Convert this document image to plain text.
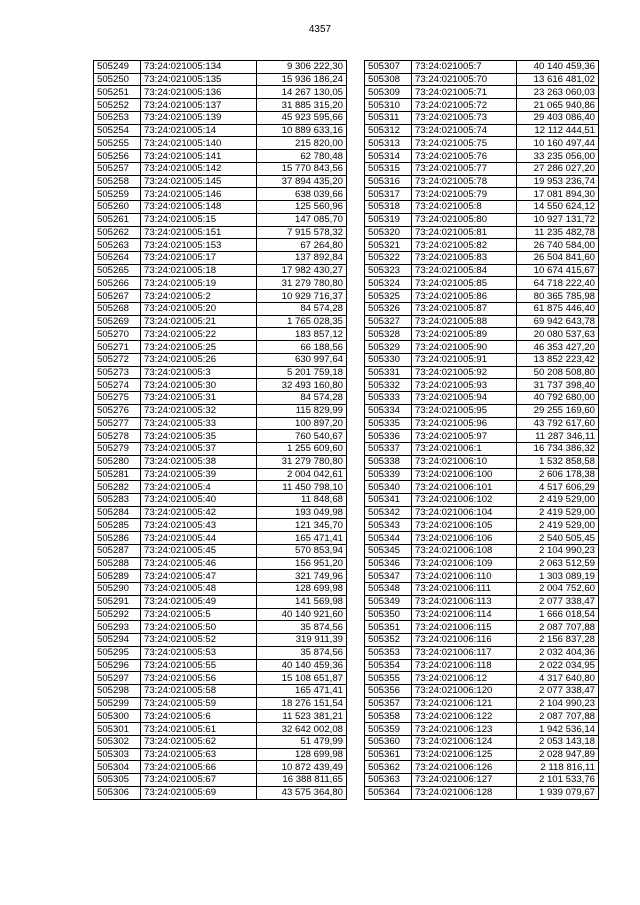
4357
505249	73:24:021005:134	9 306 222,30
505250	73:24:021005:135	15 936 186,24
505251	73:24:021005:136	14 267 130,05
505252	73:24:021005:137	31 885 315,20
505253	73:24:021005:139	45 923 595,66
505254	73:24:021005:14	10 889 633,16
505255	73:24:021005:140	215 820,00
505256	73:24:021005:141	62 780,48
505257	73:24:021005:142	15 770 843,56
505258	73:24:021005:145	37 894 435,20
505259	73:24:021005:146	638 039,66
505260	73:24:021005:148	125 560,96
505261	73:24:021005:15	147 085,70
505262	73:24:021005:151	7 915 578,32
505263	73:24:021005:153	67 264,80
505264	73:24:021005:17	137 892,84
505265	73:24:021005:18	17 982 430,27
505266	73:24:021005:19	31 279 780,80
505267	73:24:021005:2	10 929 716,37
505268	73:24:021005:20	84 574,28
505269	73:24:021005:21	1 765 028,35
505270	73:24:021005:22	183 857,12
505271	73:24:021005:25	66 188,56
505272	73:24:021005:26	630 997,64
505273	73:24:021005:3	5 201 759,18
505274	73:24:021005:30	32 493 160,80
505275	73:24:021005:31	84 574,28
505276	73:24:021005:32	115 829,99
505277	73:24:021005:33	100 897,20
505278	73:24:021005:35	760 540,67
505279	73:24:021005:37	1 255 609,60
505280	73:24:021005:38	31 279 780,80
505281	73:24:021005:39	2 004 042,61
505282	73:24:021005:4	11 450 798,10
505283	73:24:021005:40	11 848,68
505284	73:24:021005:42	193 049,98
505285	73:24:021005:43	121 345,70
505286	73:24:021005:44	165 471,41
505287	73:24:021005:45	570 853,94
505288	73:24:021005:46	156 951,20
505289	73:24:021005:47	321 749,96
505290	73:24:021005:48	128 699,98
505291	73:24:021005:49	141 569,98
505292	73:24:021005:5	40 140 921,60
505293	73:24:021005:50	35 874,56
505294	73:24:021005:52	319 911,39
505295	73:24:021005:53	35 874,56
505296	73:24:021005:55	40 140 459,36
505297	73:24:021005:56	15 108 651,87
505298	73:24:021005:58	165 471,41
505299	73:24:021005:59	18 276 151,54
505300	73:24:021005:6	11 523 381,21
505301	73:24:021005:61	32 642 002,08
505302	73:24:021005:62	51 479,99
505303	73:24:021005:63	128 699,98
505304	73:24:021005:66	10 872 439,49
505305	73:24:021005:67	16 388 811,65
505306	73:24:021005:69	43 575 364,80
505307	73:24:021005:7	40 140 459,36
505308	73:24:021005:70	13 616 481,02
505309	73:24:021005:71	23 263 060,03
505310	73:24:021005:72	21 065 940,86
505311	73:24:021005:73	29 403 086,40
505312	73:24:021005:74	12 112 444,51
505313	73:24:021005:75	10 160 497,44
505314	73:24:021005:76	33 235 056,00
505315	73:24:021005:77	27 286 027,20
505316	73:24:021005:78	19 953 236,74
505317	73:24:021005:79	17 081 894,30
505318	73:24:021005:8	14 550 624,12
505319	73:24:021005:80	10 927 131,72
505320	73:24:021005:81	11 235 482,78
505321	73:24:021005:82	26 740 584,00
505322	73:24:021005:83	26 504 841,60
505323	73:24:021005:84	10 674 415,67
505324	73:24:021005:85	64 718 222,40
505325	73:24:021005:86	80 365 785,98
505326	73:24:021005:87	61 875 446,40
505327	73:24:021005:88	69 942 643,78
505328	73:24:021005:89	20 080 537,63
505329	73:24:021005:90	46 353 427,20
505330	73:24:021005:91	13 852 223,42
505331	73:24:021005:92	50 208 508,80
505332	73:24:021005:93	31 737 398,40
505333	73:24:021005:94	40 792 680,00
505334	73:24:021005:95	29 255 169,60
505335	73:24:021005:96	43 792 617,60
505336	73:24:021005:97	11 287 346,11
505337	73:24:021006:1	16 734 386,32
505338	73:24:021006:10	1 532 858,58
505339	73:24:021006:100	2 606 178,38
505340	73:24:021006:101	4 517 606,29
505341	73:24:021006:102	2 419 529,00
505342	73:24:021006:104	2 419 529,00
505343	73:24:021006:105	2 419 529,00
505344	73:24:021006:106	2 540 505,45
505345	73:24:021006:108	2 104 990,23
505346	73:24:021006:109	2 063 512,59
505347	73:24:021006:110	1 303 089,19
505348	73:24:021006:111	2 004 752,60
505349	73:24:021006:113	2 077 338,47
505350	73:24:021006:114	1 666 018,54
505351	73:24:021006:115	2 087 707,88
505352	73:24:021006:116	2 156 837,28
505353	73:24:021006:117	2 032 404,36
505354	73:24:021006:118	2 022 034,95
505355	73:24:021006:12	4 317 640,80
505356	73:24:021006:120	2 077 338,47
505357	73:24:021006:121	2 104 990,23
505358	73:24:021006:122	2 087 707,88
505359	73:24:021006:123	1 942 536,14
505360	73:24:021006:124	2 053 143,18
505361	73:24:021006:125	2 028 947,89
505362	73:24:021006:126	2 118 816,11
505363	73:24:021006:127	2 101 533,76
505364	73:24:021006:128	1 939 079,67
